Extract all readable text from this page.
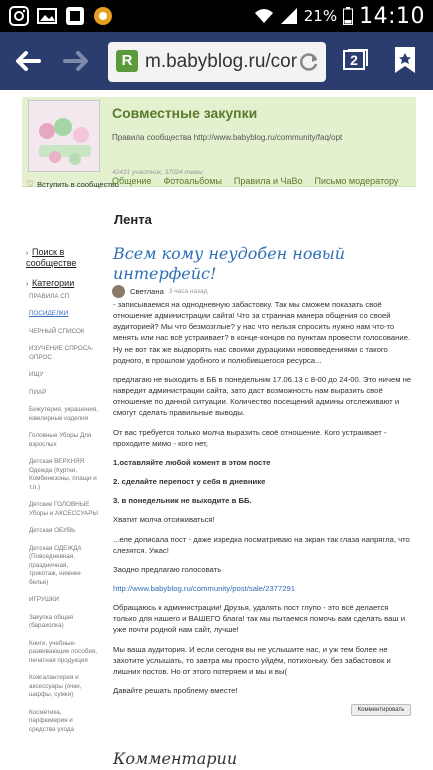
21% 14:10
R m.babyblog.ru/cor	2
Совместные закупки
Правила сообщества http://www.babyblog.ru/community/faq/opt
42431 участник, 37024 темы
♡ Вступить в сообщество
Общение Фотоальбомы Правила и ЧаВо Письмо модератору
Лента
› Поиск в сообществе
› Категории
ПРАВИЛА СП
ПОСИДЕЛКИ
ЧЕРНЫЙ СПИСОК
ИЗУЧЕНИЕ СПРОСА-ОПРОС
ИЩУ
ПИАР
Бижутерия, украшения, ювелирные изделия
Головные Уборы Для взрослых
Детская ВЕРХНЯЯ Одежда (Куртки, Комбинезоны, плащи и т.п.)
Детские ГОЛОВНЫЕ Уборы и АКСЕССУАРЫ
Детская ОБУВЬ
Детская ОДЕЖДА (Повседневная, праздничная, трикотаж, нижнее белье)
ИГРУШКИ
Закупка общая (барахолка)
Книги, учебные-развивающие пособия, печатная продукция
Кожгалантерея и аксессуары (очки, шарфы, сумки)
Косметика, парфюмерия и средства ухода
Всем кому неудобен новый интерфейс!
Светлана 3 часа назад

- записываемся на однодневную забастовку. Так мы сможем показать своё отношение администрации сайта! Что за странная манера общения со своей аудиторией? Мы что безмозглые? у нас что нельзя спросить нужно нам что-то менять или нас всё устраивает? в конце-концов по пунктам провести голосование. Ну не вот так же выдворять нас своими дурацкими нововведениями с такого родного, в прошлом удобного и полюбившегося ресурса...

предлагаю не выходить в ББ в понедельник 17.06.13 с 8-00 до 24-00. Это ничем не навредит администрации сайта, зато даст возможность нам выразить своё отношение по данной ситуации. Количество посещений админы отслеживают и смогут сделать правильные выводы.

От вас требуется только молча выразить своё отношение. Кого устраивает - проходите мимо - кого нет,

1.оставляйте любой комент в этом посте

2. сделайте перепост у себя в дневнике

3. в понедельник не выходите в ББ.

Хватит молча отсиживаться!

...еле дописала пост - даже изредка посматриваю на экран так глаза напрягла, что слезятся. Ужас!

Заодно предлагаю голосовать

http://www.babyblog.ru/community/post/sale/2377291

Обращаюсь к администрации! Друзья, удалять пост глупо - это всё делается только для нашего и ВАШЕГО блага! так мы пытаемся помочь вам сделать ваш и уже почти родной нам сайт, лучше!

Мы ваша аудитория. И если сегодня вы не услышите нас, и уж тем более не захотите услышать, то завтра мы просто уйдём, потихоньку. без забастовок и лишних постов. Но от этого потеряем и мы и вы(

Давайте решать проблему вместе!

Комментировать
Комментарии
